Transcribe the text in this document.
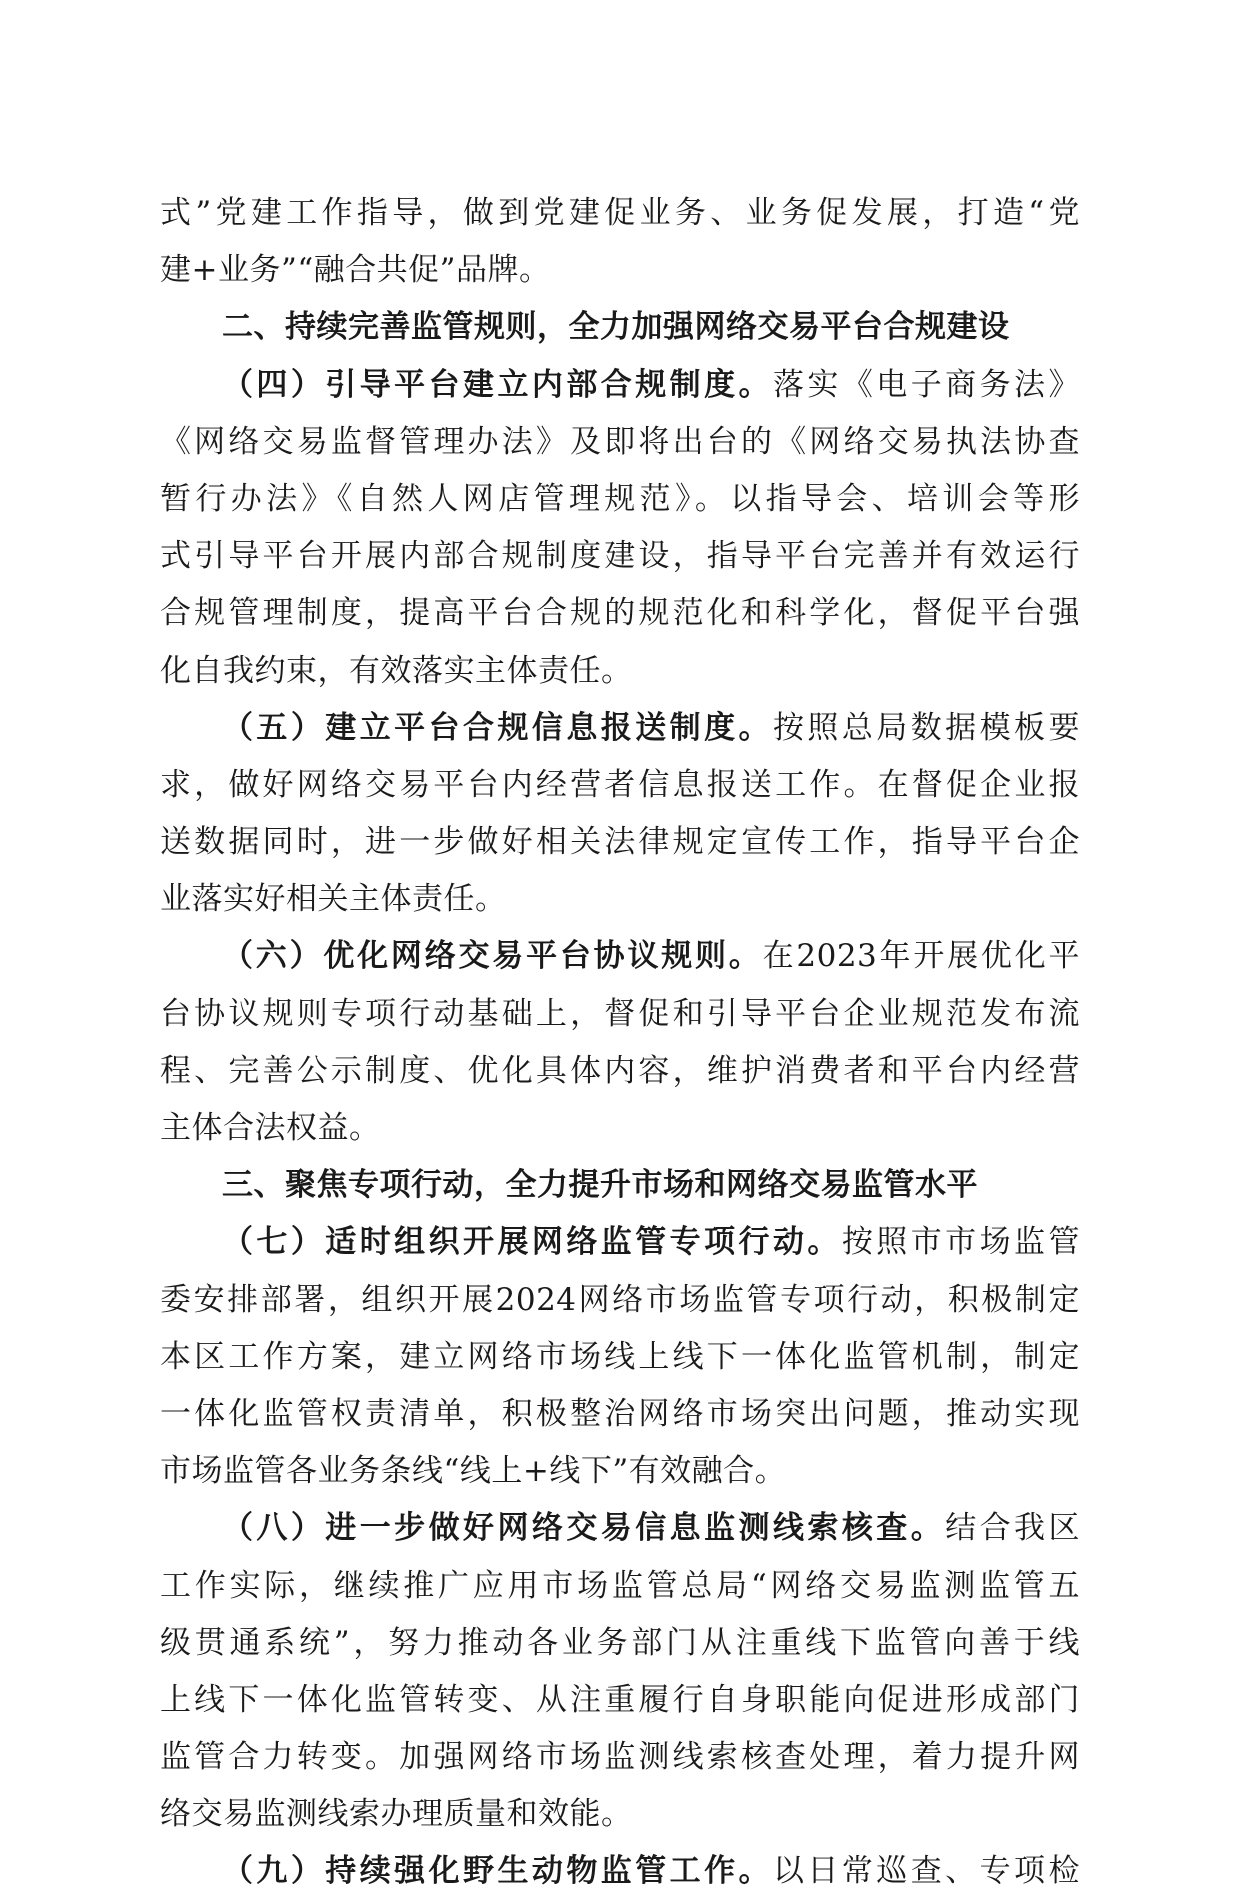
式”党建工作指导，做到党建促业务、业务促发展，打造“党
建+业务”“融合共促”品牌。
二、持续完善监管规则，全力加强网络交易平台合规建设
（四）引导平台建立内部合规制度。落实《电子商务法》
《网络交易监督管理办法》及即将出台的《网络交易执法协查
暂行办法》《自然人网店管理规范》。以指导会、培训会等形
式引导平台开展内部合规制度建设，指导平台完善并有效运行
合规管理制度，提高平台合规的规范化和科学化，督促平台强
化自我约束，有效落实主体责任。
（五）建立平台合规信息报送制度。按照总局数据模板要
求，做好网络交易平台内经营者信息报送工作。在督促企业报
送数据同时，进一步做好相关法律规定宣传工作，指导平台企
业落实好相关主体责任。
（六）优化网络交易平台协议规则。在2023年开展优化平
台协议规则专项行动基础上，督促和引导平台企业规范发布流
程、完善公示制度、优化具体内容，维护消费者和平台内经营
主体合法权益。
三、聚焦专项行动，全力提升市场和网络交易监管水平
（七）适时组织开展网络监管专项行动。按照市市场监管
委安排部署，组织开展2024网络市场监管专项行动，积极制定
本区工作方案，建立网络市场线上线下一体化监管机制，制定
一体化监管权责清单，积极整治网络市场突出问题，推动实现
市场监管各业务条线“线上+线下”有效融合。
（八）进一步做好网络交易信息监测线索核查。结合我区
工作实际，继续推广应用市场监管总局“网络交易监测监管五
级贯通系统”，努力推动各业务部门从注重线下监管向善于线
上线下一体化监管转变、从注重履行自身职能向促进形成部门
监管合力转变。加强网络市场监测线索核查处理，着力提升网
络交易监测线索办理质量和效能。
（九）持续强化野生动物监管工作。以日常巡查、专项检
